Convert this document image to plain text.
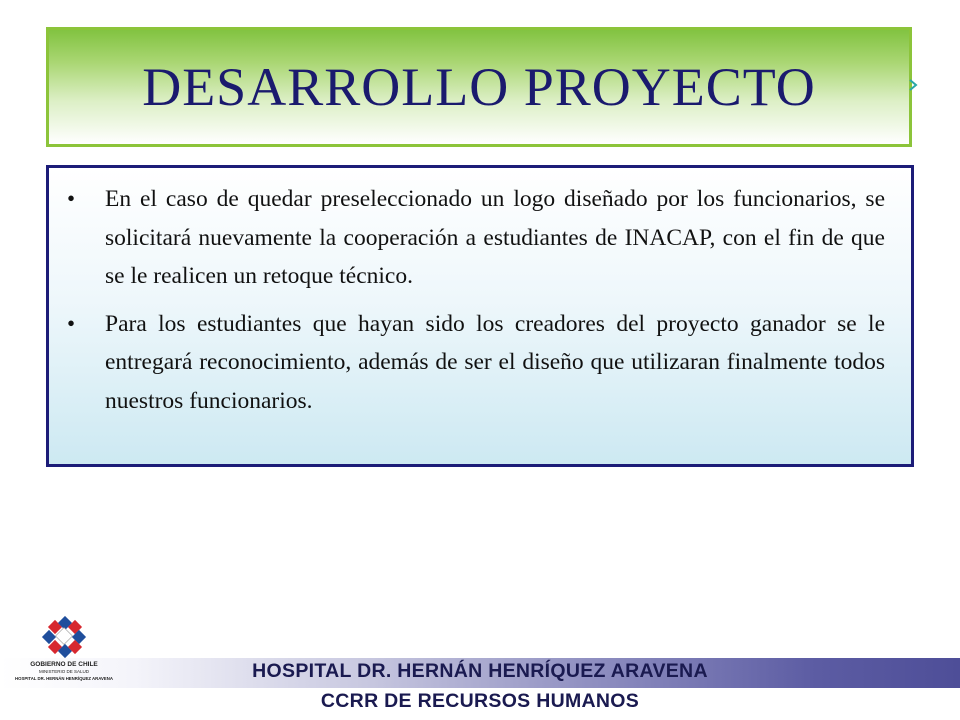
DESARROLLO PROYECTO
• En el caso de quedar preseleccionado un logo diseñado por los funcionarios, se solicitará nuevamente la cooperación a estudiantes de INACAP, con el fin de que se le realicen un retoque técnico.
• Para los estudiantes que hayan sido los creadores del proyecto ganador se le entregará reconocimiento, además de ser el diseño que utilizaran finalmente todos nuestros funcionarios.
GOBIERNO DE CHILE
MINISTERIO DE SALUD
HOSPITAL DR. HERNÁN HENRÍQUEZ ARAVENA	HOSPITAL DR. HERNÁN HENRÍQUEZ ARAVENA
CCRR DE RECURSOS HUMANOS
